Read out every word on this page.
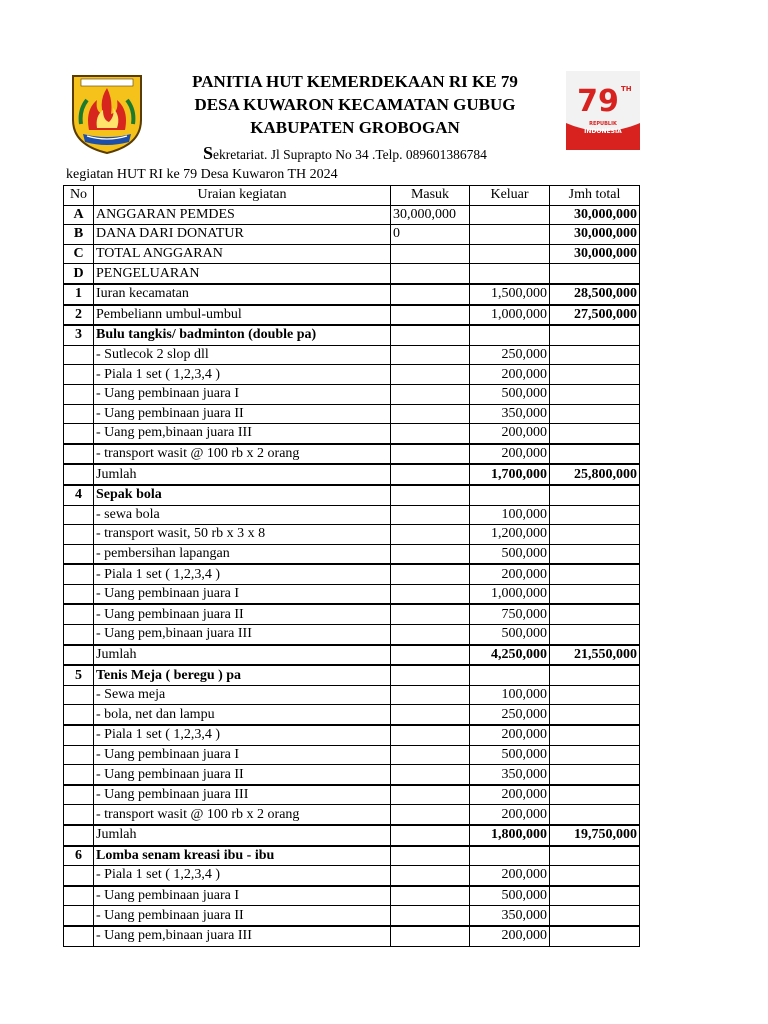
PANITIA HUT KEMERDEKAAN RI KE 79
DESA KUWARON KECAMATAN GUBUG
KABUPATEN GROBOGAN
Sekretariat. Jl Suprapto No 34 .Telp. 089601386784
79 TH
REPUBLIK
INDONESIA
kegiatan HUT RI ke 79 Desa Kuwaron TH 2024
No	Uraian kegiatan	Masuk	Keluar	Jmh total
A	ANGGARAN PEMDES	30,000,000		30,000,000
B	DANA DARI DONATUR	0		30,000,000
C	TOTAL ANGGARAN			30,000,000
D	PENGELUARAN			
1	Iuran kecamatan		1,500,000	28,500,000
2	Pembeliann umbul-umbul		1,000,000	27,500,000
3	Bulu tangkis/ badminton (double pa)			
	- Sutlecok 2 slop dll		250,000	
	- Piala 1 set ( 1,2,3,4 )		200,000	
	- Uang pembinaan juara I		500,000	
	- Uang pembinaan juara II		350,000	
	- Uang pem,binaan juara III		200,000	
	- transport wasit @ 100 rb x 2 orang		200,000	
	Jumlah		1,700,000	25,800,000
4	Sepak bola			
	- sewa bola		100,000	
	- transport wasit, 50 rb x 3 x 8		1,200,000	
	- pembersihan lapangan		500,000	
	- Piala 1 set ( 1,2,3,4 )		200,000	
	- Uang pembinaan juara I		1,000,000	
	- Uang pembinaan juara II		750,000	
	- Uang pem,binaan juara III		500,000	
	Jumlah		4,250,000	21,550,000
5	Tenis Meja ( beregu ) pa			
	- Sewa meja		100,000	
	- bola, net dan lampu		250,000	
	- Piala 1 set ( 1,2,3,4 )		200,000	
	- Uang pembinaan juara I		500,000	
	- Uang pembinaan juara II		350,000	
	- Uang pembinaan juara III		200,000	
	- transport wasit @ 100 rb x 2 orang		200,000	
	Jumlah		1,800,000	19,750,000
6	Lomba senam kreasi ibu - ibu			
	- Piala 1 set ( 1,2,3,4 )		200,000	
	- Uang pembinaan juara I		500,000	
	- Uang pembinaan juara II		350,000	
	- Uang pem,binaan juara III		200,000	
